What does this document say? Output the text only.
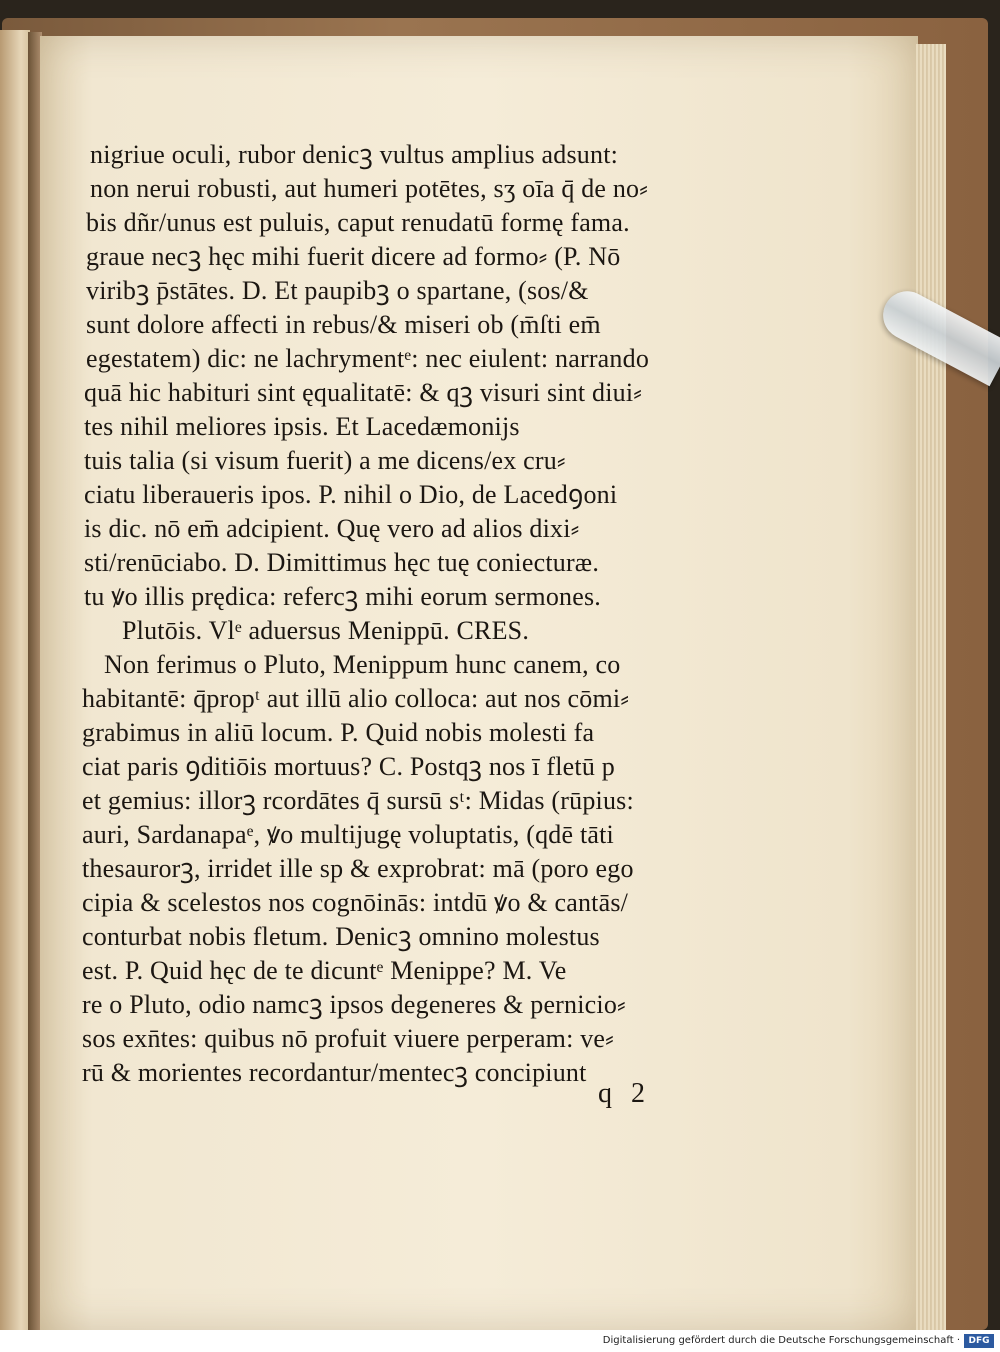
nigriue oculi, rubor denicꝫ vultus amplius adsunt:
non nerui robusti, aut humeri potētes, sʒ oīa q̄ de no⸗
bis dñr/unus est puluis, caput renudatū formę fama.
graue necꝫ hęc mihi fuerit dicere ad formo⸗ (P. Nō
viribꝫ p̄stātes. D. Et paupibꝫ o spartane, (sos/&
sunt dolore affecti in rebus/& miseri ob (m̄ſti em̄
egestatem) dic: ne lachrymentᵉ: nec eiulent: narrando
quā hic habituri sint ęqualitatē: & qꝫ visuri sint diui⸗
tes nihil meliores ipsis. Et Lacedæmonijs
tuis talia (si visum fuerit) a me dicens/ex cru⸗
ciatu liberaueris ipos. P. nihil o Dio, de Lacedꝯoni
is dic. nō em̄ adcipient. Quę vero ad alios dixi⸗
sti/renūciabo. D. Dimittimus hęc tuę coniecturæ.
tu ꝟo illis prędica: refercꝫ mihi eorum sermones.
Plutōis. Vlᵉ aduersus Menippū. CRES.
Non ferimus o Pluto, Menippum hunc canem, co
habitantē: q̄propᵗ aut illū alio colloca: aut nos cōmi⸗
grabimus in aliū locum. P. Quid nobis molesti fa
ciat paris ꝯditiōis mortuus? C. Postqꝫ nos ī fletū p
et gemius: illorꝫ rcordātes q̄ sursū sᵗ: Midas (rūpius:
auri, Sardanapaᵉ, ꝟo multijugę voluptatis, (qdē tāti
thesaurorꝫ, irridet ille sp & exprobrat: mā (poro ego
cipia & scelestos nos cognōinās: intdū ꝟo & cantās/
conturbat nobis fletum. Denicꝫ omnino molestus
est. P. Quid hęc de te dicuntᵉ Menippe? M. Ve
re o Pluto, odio namcꝫ ipsos degeneres & pernicio⸗
sos exn̄tes: quibus nō profuit viuere perperam: ve⸗
rū & morientes recordantur/mentecꝫ concipiunt
q 2
Digitalisierung gefördert durch die Deutsche Forschungsgemeinschaft · DFG
